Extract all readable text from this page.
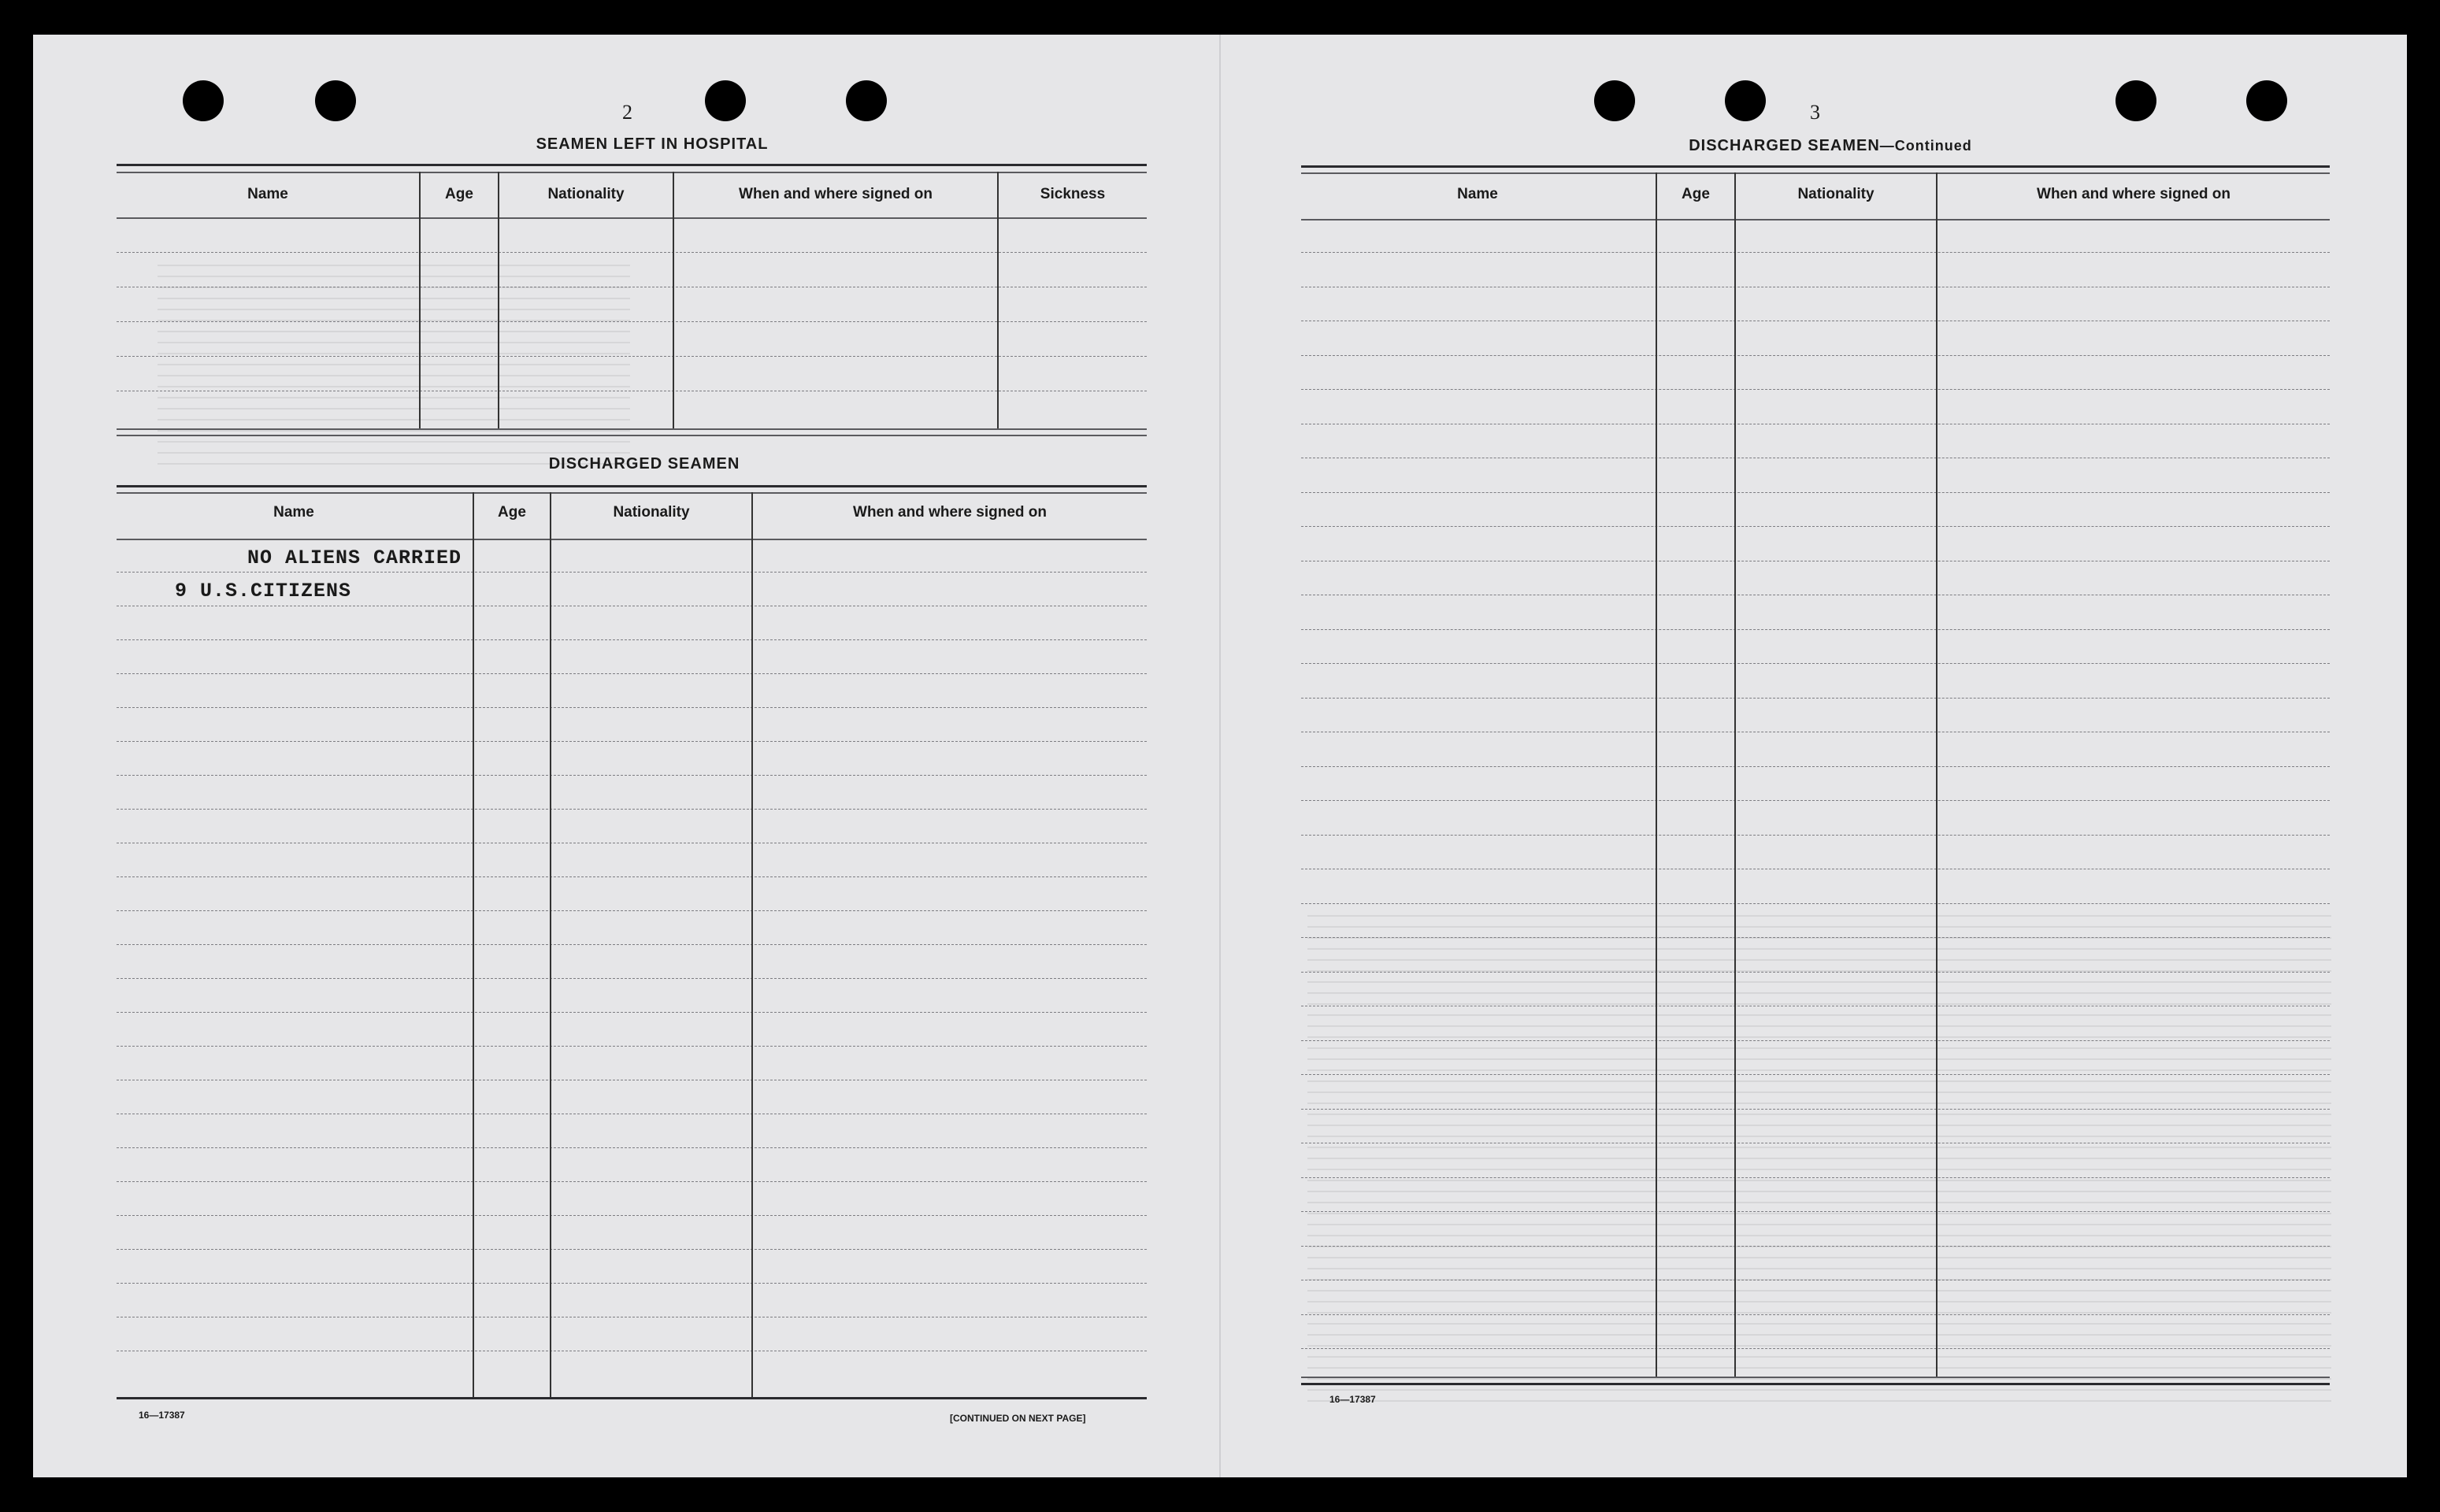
2
SEAMEN LEFT IN HOSPITAL
Name	Age	Nationality	When and where signed on	Sickness
DISCHARGED SEAMEN
Name	Age	Nationality	When and where signed on
NO ALIENS CARRIED
9 U.S.CITIZENS
16—17387	[CONTINUED ON NEXT PAGE]
3
DISCHARGED SEAMEN—Continued
Name	Age	Nationality	When and where signed on
16—17387
